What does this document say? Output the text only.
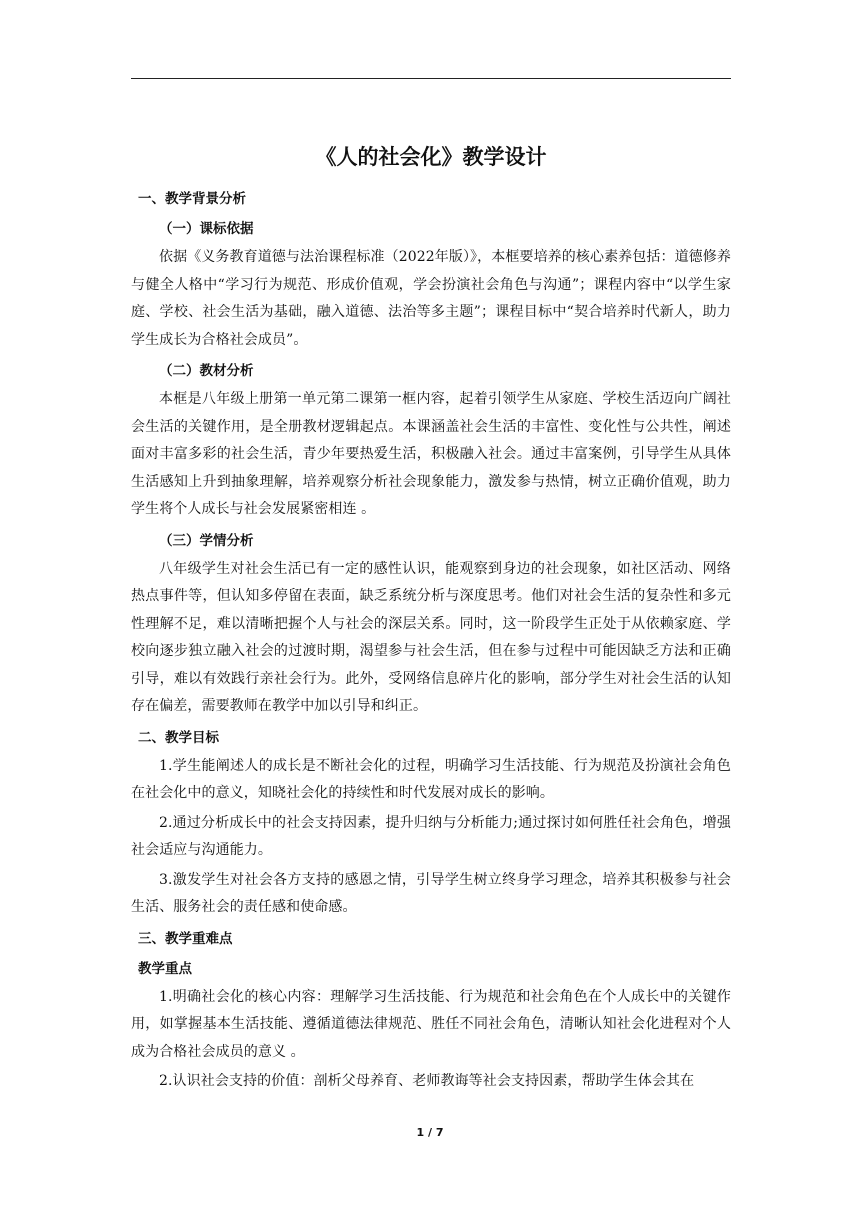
《人的社会化》教学设计
一、教学背景分析
（一）课标依据

依据《义务教育道德与法治课程标准（2022年版）》，本框要培养的核心素养包括：道德修养与健全人格中“学习行为规范、形成价值观，学会扮演社会角色与沟通”；课程内容中“以学生家庭、学校、社会生活为基础，融入道德、法治等多主题”；课程目标中“契合培养时代新人，助力学生成长为合格社会成员”。

（二）教材分析

本框是八年级上册第一单元第二课第一框内容，起着引领学生从家庭、学校生活迈向广阔社会生活的关键作用，是全册教材逻辑起点。本课涵盖社会生活的丰富性、变化性与公共性，阐述面对丰富多彩的社会生活，青少年要热爱生活，积极融入社会。通过丰富案例，引导学生从具体生活感知上升到抽象理解，培养观察分析社会现象能力，激发参与热情，树立正确价值观，助力学生将个人成长与社会发展紧密相连 。

（三）学情分析

八年级学生对社会生活已有一定的感性认识，能观察到身边的社会现象，如社区活动、网络热点事件等，但认知多停留在表面，缺乏系统分析与深度思考。他们对社会生活的复杂性和多元性理解不足，难以清晰把握个人与社会的深层关系。同时，这一阶段学生正处于从依赖家庭、学校向逐步独立融入社会的过渡时期，渴望参与社会生活，但在参与过程中可能因缺乏方法和正确引导，难以有效践行亲社会行为。此外，受网络信息碎片化的影响，部分学生对社会生活的认知存在偏差，需要教师在教学中加以引导和纠正。

二、教学目标

1.学生能阐述人的成长是不断社会化的过程，明确学习生活技能、行为规范及扮演社会角色在社会化中的意义，知晓社会化的持续性和时代发展对成长的影响。

2.通过分析成长中的社会支持因素，提升归纳与分析能力;通过探讨如何胜任社会角色，增强社会适应与沟通能力。

3.激发学生对社会各方支持的感恩之情，引导学生树立终身学习理念，培养其积极参与社会生活、服务社会的责任感和使命感。

三、教学重难点
教学重点

1.明确社会化的核心内容：理解学习生活技能、行为规范和社会角色在个人成长中的关键作用，如掌握基本生活技能、遵循道德法律规范、胜任不同社会角色，清晰认知社会化进程对个人成为合格社会成员的意义 。

2.认识社会支持的价值：剖析父母养育、老师教诲等社会支持因素，帮助学生体会其在

1 / 7
